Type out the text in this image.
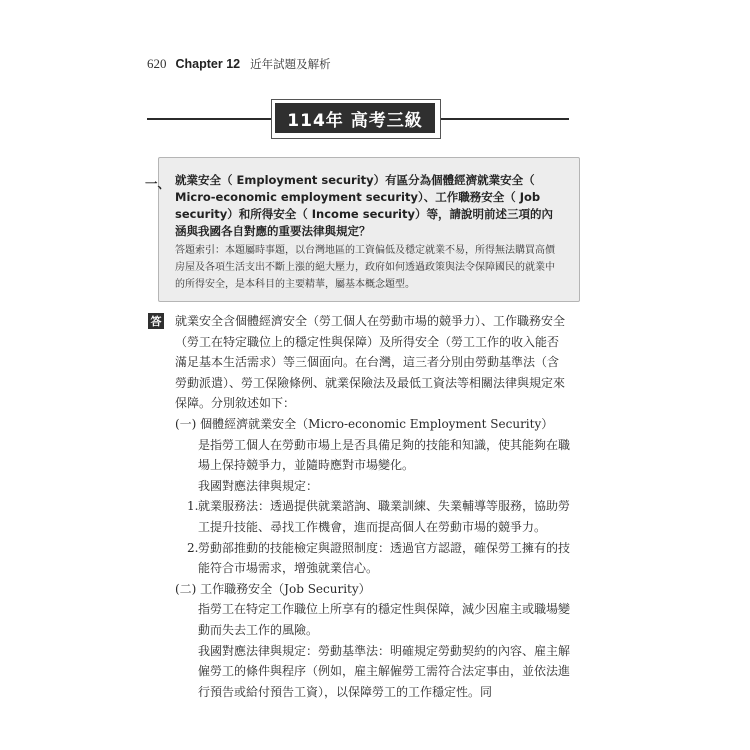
620 Chapter 12 近年試題及解析
114年 高考三級
一、 就業安全（ Employment security）有區分為個體經濟就業安全（ Micro-economic employment security）、工作職務安全（ Job security）和所得安全（ Income security）等，請說明前述三項的內涵與我國各自對應的重要法律與規定？
答題索引：本題屬時事題，以台灣地區的工資偏低及穩定就業不易，所得無法購買高價房屋及各項生活支出不斷上漲的絕大壓力，政府如何透過政策與法令保障國民的就業中的所得安全，是本科目的主要精華，屬基本概念題型。
答 就業安全含個體經濟安全（勞工個人在勞動市場的競爭力）、工作職務安全（勞工在特定職位上的穩定性與保障）及所得安全（勞工工作的收入能否滿足基本生活需求）等三個面向。在台灣，這三者分別由勞動基準法（含勞動派遣）、勞工保險條例、就業保險法及最低工資法等相關法律與規定來保障。分別敘述如下：

(一) 個體經濟就業安全（Micro-economic Employment Security）

是指勞工個人在勞動市場上是否具備足夠的技能和知識，使其能夠在職場上保持競爭力，並隨時應對市場變化。

我國對應法律與規定：

1. 就業服務法：透過提供就業諮詢、職業訓練、失業輔導等服務，協助勞工提升技能、尋找工作機會，進而提高個人在勞動市場的競爭力。
2. 勞動部推動的技能檢定與證照制度：透過官方認證，確保勞工擁有的技能符合市場需求，增強就業信心。

(二) 工作職務安全（Job Security）

指勞工在特定工作職位上所享有的穩定性與保障，減少因雇主或職場變動而失去工作的風險。

我國對應法律與規定：勞動基準法：明確規定勞動契約的內容、雇主解僱勞工的條件與程序（例如，雇主解僱勞工需符合法定事由，並依法進行預告或給付預告工資），以保障勞工的工作穩定性。同
